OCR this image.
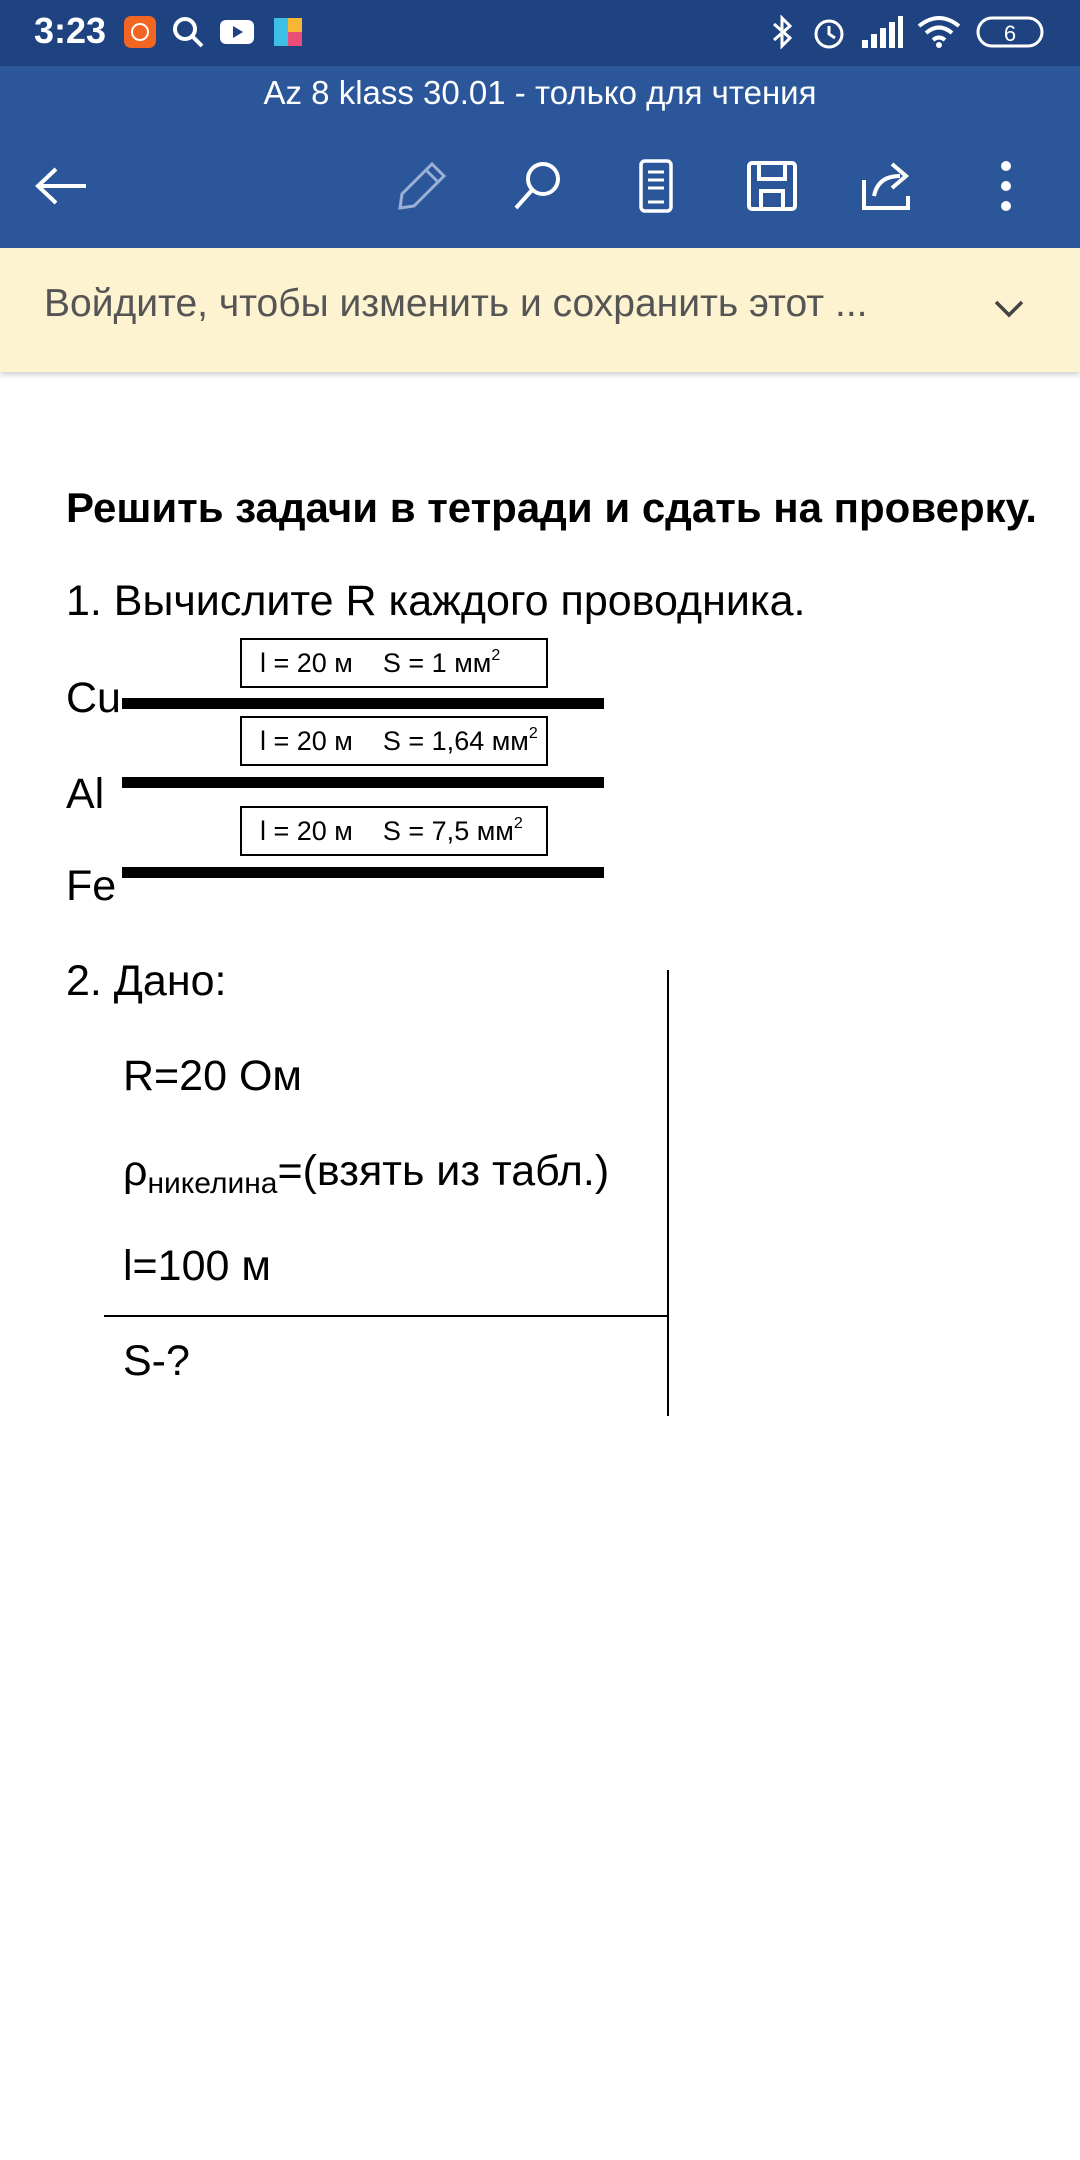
3:23	6
Az 8 klass 30.01 - только для чтения
Войдите, чтобы изменить и сохранить этот ...
Решить задачи в тетради и сдать на проверку.
1. Вычислите R каждого проводника.
l = 20 м S = 1 $мм^2$
Cu
l = 20 м S = 1,64 $мм^2$
Al
l = 20 м S = 7,5 $мм^2$
Fe
2. Дано:
R=20 Ом
$\rho_{никелина}=(взять$ из табл.)
l=100 м
S-?
